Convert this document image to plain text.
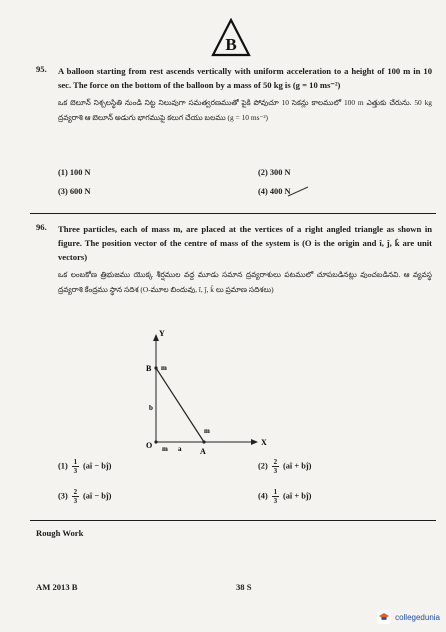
B
95. A balloon starting from rest ascends vertically with uniform acceleration to a height of 100 m in 10 sec. The force on the bottom of the balloon by a mass of 50 kg is (g = 10 ms⁻²)
ఒక బెలూన్ నిశ్చలస్థితి నుండి నిట్ట నిలువుగా సమత్వరణముతో పైకి పోవుచూ 10 సెకన్లు కాలములో 100 m ఎత్తుకు చేరును. 50 kg ద్రవ్యరాశి ఆ బెలూన్ అడుగు భాగముపై కలుగ చేయు బలము (g = 10 ms⁻²)
(1) 100 N	(2) 300 N
(3) 600 N	(4) 400 N
96. Three particles, each of mass m, are placed at the vertices of a right angled triangle as shown in figure. The position vector of the centre of mass of the system is (O is the origin and î, ĵ, k̂ are unit vectors)
ఒక లంబకోణ త్రిభుజము యొక్క శీర్షముల వద్ద మూడు సమాన ద్రవ్యరాశులు పటములో చూపబడినట్లు వుంచబడినవి. ఆ వ్యవస్థ ద్రవ్యరాశి కేంద్రము స్థాన సదిశ (O-మూల బిందువు, î, ĵ, k̂ లు ప్రమాణ సదిశలు)
Y
X
B m
b
m
O m a A
$(1) \frac{1}{3}$ (aî − bĵ)	$(2) \frac{2}{3}$ (aî + bĵ)
$(3) \frac{2}{3}$ (aî − bĵ)	$(4) \frac{1}{3}$ (aî + bĵ)
Rough Work
AM 2013 B	38 S
collegedunia
